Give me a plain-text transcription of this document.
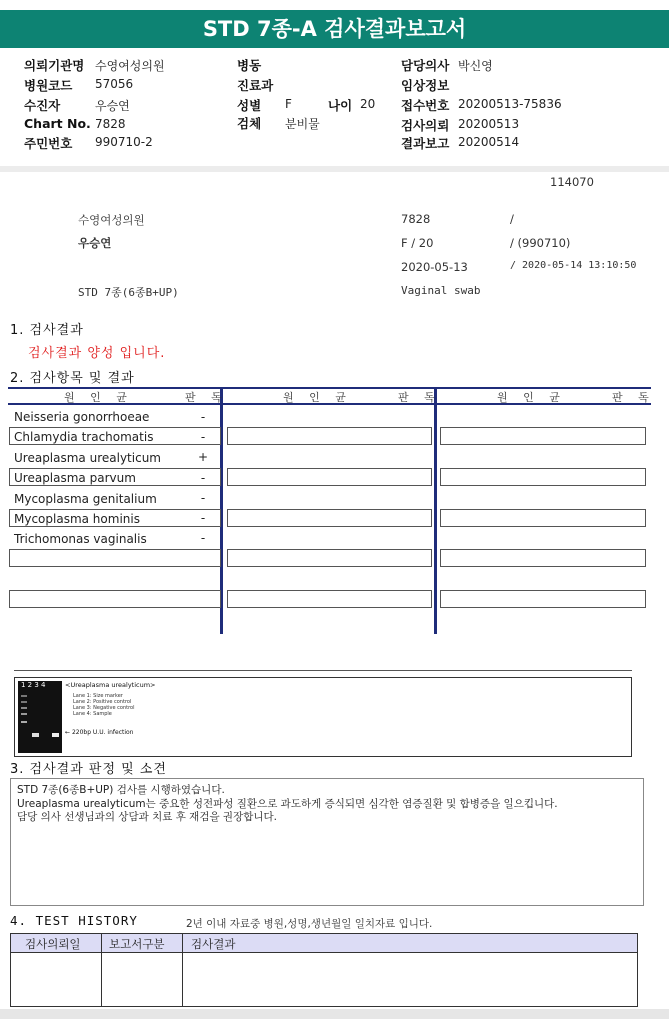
STD 7종-A 검사결과보고서
의뢰기관명 수영여성의원
병원코드 57056
수진자	우승연
Chart No. 7828
주민번호 990710-2
병동
진료과
성별 F	나이 20
검체 분비물
담당의사 박신영
임상정보
접수번호 20200513-75836
검사의뢰 20200513
결과보고 20200514
114070
수영여성의원	7828	/
우승연	F / 20	/ (990710)
2020-05-13	/ 2020-05-14 13:10:50
STD 7종(6종B+UP)	Vaginal swab
1. 검사결과
검사결과 양성 입니다.
2. 검사항목 및 결과
원 인 균	판 독	원 인 균	판 독	원 인 균	판 독
Neisseria gonorrhoeae	-
Chlamydia trachomatis	-
Ureaplasma urealyticum	+
Ureaplasma parvum	-
Mycoplasma genitalium	-
Mycoplasma hominis	-
Trichomonas vaginalis	-
1 2 3 4	<Ureaplasma urealyticum>
Lane 1: Size marker
Lane 2: Positive control
Lane 3: Negative control
Lane 4: Sample
← 220bp U.U. infection
3. 검사결과 판정 및 소견
STD 7종(6종B+UP) 검사를 시행하였습니다.
Ureaplasma urealyticum는 중요한 성전파성 질환으로 과도하게 증식되면 심각한 염증질환 및 합병증을 일으킵니다.
담당 의사 선생님과의 상담과 치료 후 재검을 권장합니다.
4. TEST HISTORY	2년 이내 자료중 병원,성명,생년월일 일치자료 입니다.
검사의뢰일 보고서구분 검사결과
